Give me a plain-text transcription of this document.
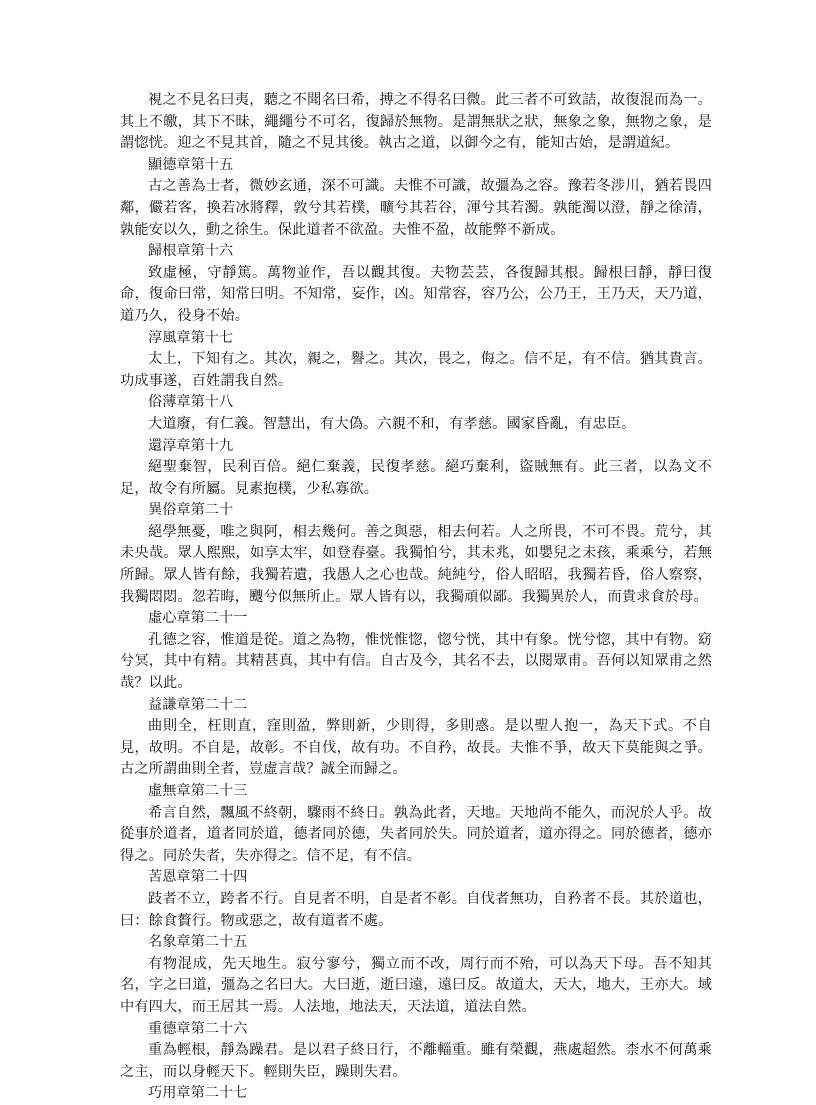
視之不見名曰夷，聽之不聞名曰希，搏之不得名曰微。此三者不可致詰，故復混而為一。其上不皦，其下不昧，繩繩兮不可名，復歸於無物。是謂無狀之狀，無象之象，無物之象，是謂惚恍。迎之不見其首，隨之不見其後。執古之道，以御今之有，能知古始，是謂道紀。

顯德章第十五

古之善為士者，微妙玄通，深不可識。夫惟不可識，故彊為之容。豫若冬涉川，猶若畏四鄰，儼若客，換若冰將釋，敦兮其若樸，曠兮其若谷，渾兮其若濁。孰能濁以澄，靜之徐清，孰能安以久，動之徐生。保此道者不欲盈。夫惟不盈，故能弊不新成。

歸根章第十六

致虛極，守靜篤。萬物並作，吾以觀其復。夫物芸芸，各復歸其根。歸根曰靜，靜曰復命，復命曰常，知常曰明。不知常，妄作，凶。知常容，容乃公，公乃王，王乃天，天乃道，道乃久，役身不始。

淳風章第十七

太上，下知有之。其次，親之，譽之。其次，畏之，侮之。信不足，有不信。猶其貴言。功成事遂，百姓謂我自然。

俗薄章第十八

大道廢，有仁義。智慧出，有大偽。六親不和，有孝慈。國家昏亂，有忠臣。

還淳章第十九

絕聖棄智，民利百倍。絕仁棄義，民復孝慈。絕巧棄利，盜賊無有。此三者，以為文不足，故令有所屬。見素抱樸，少私寡欲。

異俗章第二十

絕學無憂，唯之與阿，相去幾何。善之與惡，相去何若。人之所畏，不可不畏。荒兮，其未央哉。眾人熙熙，如享太牢，如登春臺。我獨怕兮，其未兆，如嬰兒之未孩，乘乘兮，若無所歸。眾人皆有餘，我獨若遺，我愚人之心也哉。純純兮，俗人昭昭，我獨若昏，俗人察察，我獨悶悶。忽若晦，颼兮似無所止。眾人皆有以，我獨頑似鄙。我獨異於人，而貴求食於母。

虛心章第二十一

孔德之容，惟道是從。道之為物，惟恍惟惚，惚兮恍，其中有象。恍兮惚，其中有物。窈兮冥，其中有精。其精甚真，其中有信。自古及今，其名不去，以閱眾甫。吾何以知眾甫之然哉？以此。

益謙章第二十二

曲則全，枉則直，窪則盈，弊則新，少則得，多則惑。是以聖人抱一，為天下式。不自見，故明。不自是，故彰。不自伐，故有功。不自矜，故長。夫惟不爭，故天下莫能與之爭。古之所謂曲則全者，豈虛言哉？誠全而歸之。

虛無章第二十三

希言自然，飄風不終朝，驟雨不終日。孰為此者，天地。天地尚不能久，而況於人乎。故從事於道者，道者同於道，德者同於德，失者同於失。同於道者，道亦得之。同於德者，德亦得之。同於失者，失亦得之。信不足，有不信。

苦恩章第二十四

跂者不立，跨者不行。自見者不明，自是者不彰。自伐者無功，自矜者不長。其於道也，曰：餘食贅行。物或惡之，故有道者不處。

名象章第二十五

有物混成，先天地生。寂兮寥兮，獨立而不改，周行而不殆，可以為天下母。吾不知其名，字之曰道，彊為之名曰大。大曰逝，逝曰遠，遠曰反。故道大，天大，地大，王亦大。域中有四大，而王居其一焉。人法地，地法天，天法道，道法自然。

重德章第二十六

重為輕根，靜為躁君。是以君子終日行，不離輜重。雖有榮觀，燕處超然。柰水不何萬乘之主，而以身輕天下。輕則失臣，躁則失君。

巧用章第二十七
